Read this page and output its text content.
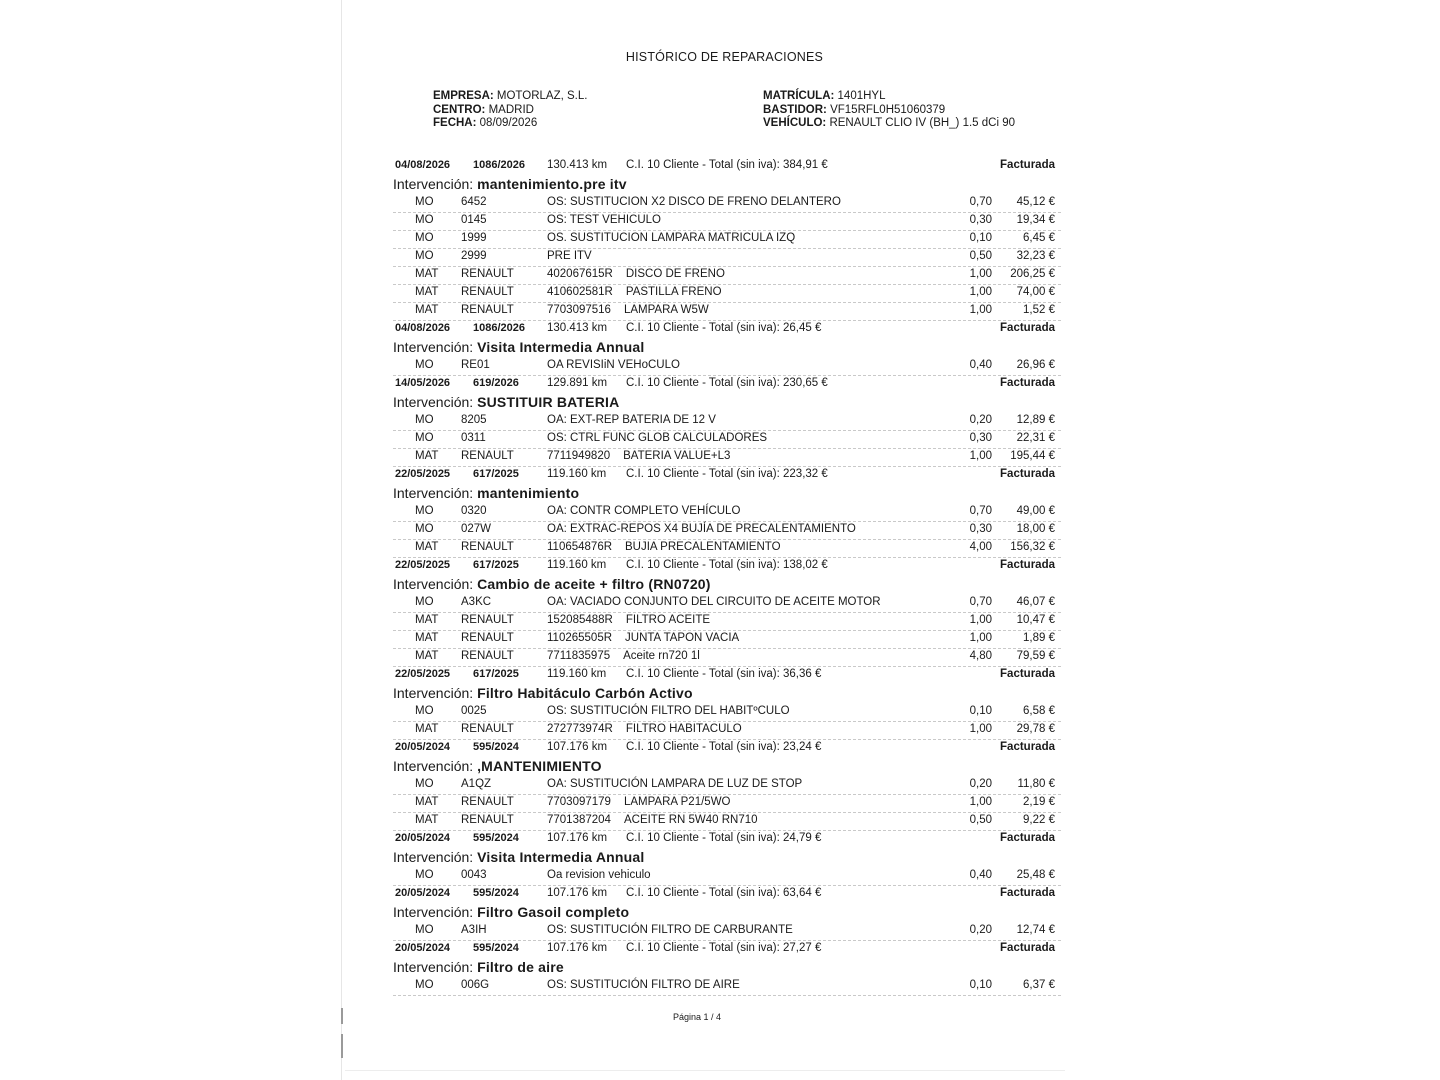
HISTÓRICO DE REPARACIONES
EMPRESA: MOTORLAZ, S.L.
CENTRO: MADRID
FECHA: 08/09/2026
MATRÍCULA: 1401HYL
BASTIDOR: VF15RFL0H51060379
VEHÍCULO: RENAULT CLIO IV (BH_) 1.5 dCi 90
04/08/2026 1086/2026 130.413 km C.I. 10 Cliente - Total (sin iva): 384,91 €	Facturada
Intervención: mantenimiento.pre itv
MO 6452	OS: SUSTITUCION X2 DISCO DE FRENO DELANTERO	0,70 45,12 €
MO 0145	OS: TEST VEHICULO	0,30 19,34 €
MO 1999	OS. SUSTITUCION LAMPARA MATRICULA IZQ	0,10	6,45 €
MO 2999	PRE ITV	0,50 32,23 €
MAT RENAULT	402067615R DISCO DE FRENO	1,00 206,25 €
MAT RENAULT	410602581R PASTILLA FRENO	1,00 74,00 €
MAT RENAULT	7703097516 LAMPARA W5W	1,00	1,52 €
04/08/2026 1086/2026 130.413 km C.I. 10 Cliente - Total (sin iva): 26,45 €	Facturada
Intervención: Visita Intermedia Annual
MO RE01	OA REVISIiN VEHoCULO	0,40 26,96 €
14/05/2026 619/2026 129.891 km C.I. 10 Cliente - Total (sin iva): 230,65 €	Facturada
Intervención: SUSTITUIR BATERIA
MO 8205	OA: EXT-REP BATERIA DE 12 V	0,20 12,89 €
MO 0311	OS: CTRL FUNC GLOB CALCULADORES	0,30 22,31 €
MAT RENAULT	7711949820 BATERIA VALUE+L3	1,00 195,44 €
22/05/2025 617/2025 119.160 km C.I. 10 Cliente - Total (sin iva): 223,32 €	Facturada
Intervención: mantenimiento
MO 0320	OA: CONTR COMPLETO VEHÍCULO	0,70 49,00 €
MO 027W	OA: EXTRAC-REPOS X4 BUJÍA DE PRECALENTAMIENTO	0,30 18,00 €
MAT RENAULT	110654876R BUJIA PRECALENTAMIENTO	4,00 156,32 €
22/05/2025 617/2025 119.160 km C.I. 10 Cliente - Total (sin iva): 138,02 €	Facturada
Intervención: Cambio de aceite + filtro (RN0720)
MO A3KC	OA: VACIADO CONJUNTO DEL CIRCUITO DE ACEITE MOTOR	0,70 46,07 €
MAT RENAULT	152085488R FILTRO ACEITE	1,00 10,47 €
MAT RENAULT	110265505R JUNTA TAPON VACIA	1,00	1,89 €
MAT RENAULT	7711835975 Aceite rn720 1l	4,80 79,59 €
22/05/2025 617/2025 119.160 km C.I. 10 Cliente - Total (sin iva): 36,36 €	Facturada
Intervención: Filtro Habitáculo Carbón Activo
MO 0025	OS: SUSTITUCIÓN FILTRO DEL HABITºCULO	0,10	6,58 €
MAT RENAULT	272773974R FILTRO HABITACULO	1,00 29,78 €
20/05/2024 595/2024 107.176 km C.I. 10 Cliente - Total (sin iva): 23,24 €	Facturada
Intervención: ,MANTENIMIENTO
MO A1QZ	OA: SUSTITUCIÓN LAMPARA DE LUZ DE STOP	0,20 11,80 €
MAT RENAULT	7703097179 LAMPARA P21/5WO	1,00	2,19 €
MAT RENAULT	7701387204 ACEITE RN 5W40 RN710	0,50	9,22 €
20/05/2024 595/2024 107.176 km C.I. 10 Cliente - Total (sin iva): 24,79 €	Facturada
Intervención: Visita Intermedia Annual
MO 0043	Oa revision vehiculo	0,40 25,48 €
20/05/2024 595/2024 107.176 km C.I. 10 Cliente - Total (sin iva): 63,64 €	Facturada
Intervención: Filtro Gasoil completo
MO A3IH	OS: SUSTITUCIÓN FILTRO DE CARBURANTE	0,20 12,74 €
20/05/2024 595/2024 107.176 km C.I. 10 Cliente - Total (sin iva): 27,27 €	Facturada
Intervención: Filtro de aire
MO 006G	OS: SUSTITUCIÓN FILTRO DE AIRE	0,10	6,37 €
Página 1 / 4
